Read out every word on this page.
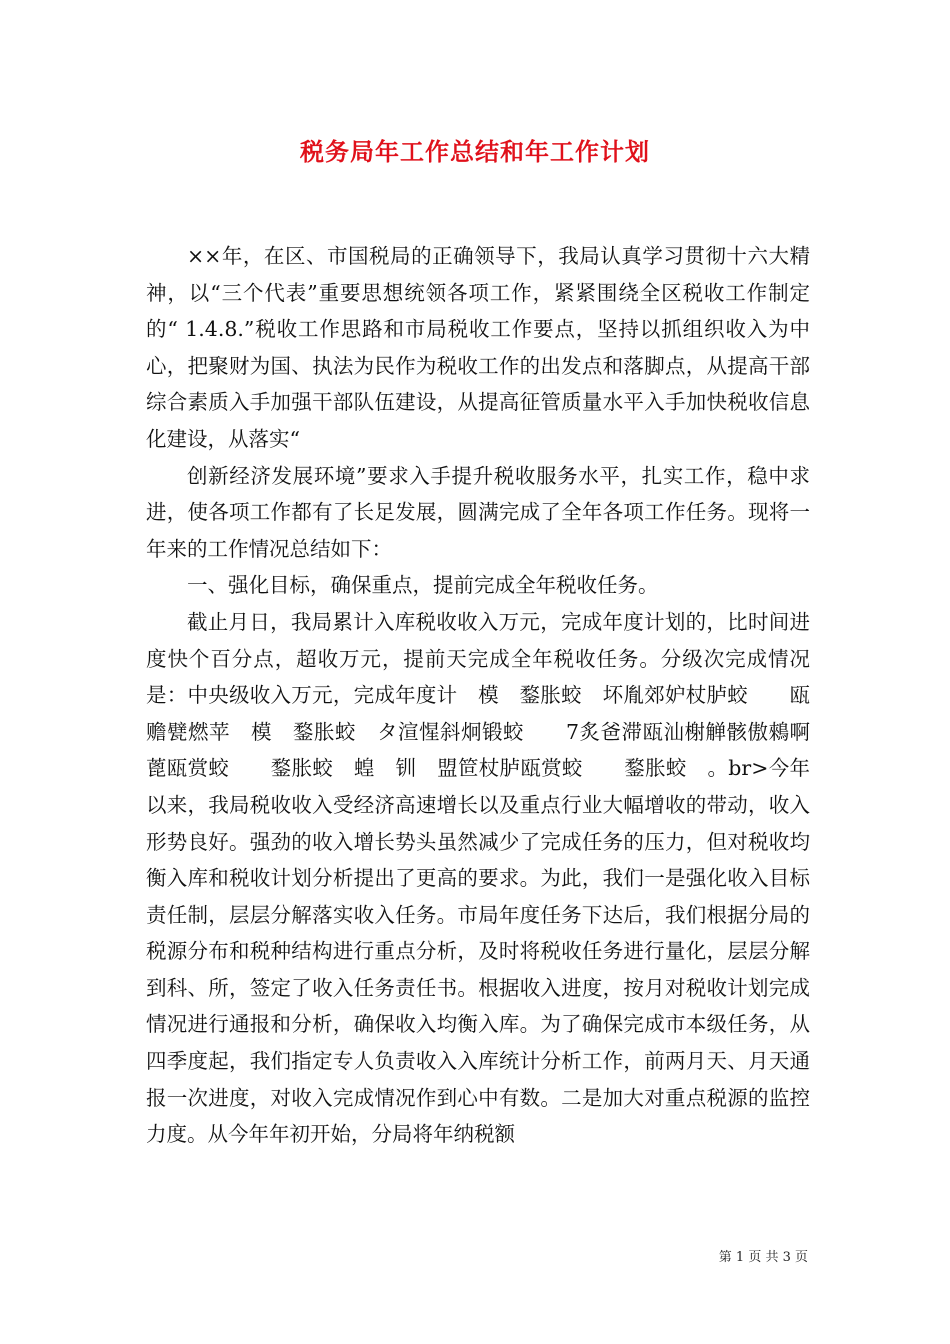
税务局年工作总结和年工作计划

××年，在区、市国税局的正确领导下，我局认真学习贯彻十六大精神，以“三个代表”重要思想统领各项工作，紧紧围绕全区税收工作制定的“ 1.4.8.”税收工作思路和市局税收工作要点，坚持以抓组织收入为中心，把聚财为国、执法为民作为税收工作的出发点和落脚点，从提高干部综合素质入手加强干部队伍建设，从提高征管质量水平入手加快税收信息化建设，从落实“

创新经济发展环境”要求入手提升税收服务水平，扎实工作，稳中求进，使各项工作都有了长足发展，圆满完成了全年各项工作任务。现将一年来的工作情况总结如下：

一、强化目标，确保重点，提前完成全年税收任务。

截止月日，我局累计入库税收收入万元，完成年度计划的，比时间进度快个百分点，超收万元，提前天完成全年税收任务。分级次完成情况是：中央级收入万元，完成年度计　模　鍪胀蛟　坏胤郊妒杖胪蛟　　瓯赡甓燃苹　模　鍪胀蛟　タ渲惺斜炯锻蛟　　7炙爸滞瓯汕榭觯骸傲鶆啊蓖瓯赏蛟　　鍪胀蛟　蝗　钏　盟笸杖胪瓯赏蛟　　鍪胀蛟　。br>今年以来，我局税收收入受经济高速增长以及重点行业大幅增收的带动，收入形势良好。强劲的收入增长势头虽然减少了完成任务的压力，但对税收均衡入库和税收计划分析提出了更高的要求。为此，我们一是强化收入目标责任制，层层分解落实收入任务。市局年度任务下达后，我们根据分局的税源分布和税种结构进行重点分析，及时将税收任务进行量化，层层分解到科、所，签定了收入任务责任书。根据收入进度，按月对税收计划完成情况进行通报和分析，确保收入均衡入库。为了确保完成市本级任务，从四季度起，我们指定专人负责收入入库统计分析工作，前两月天、月天通报一次进度，对收入完成情况作到心中有数。二是加大对重点税源的监控力度。从今年年初开始，分局将年纳税额

第 1 页 共 3 页
